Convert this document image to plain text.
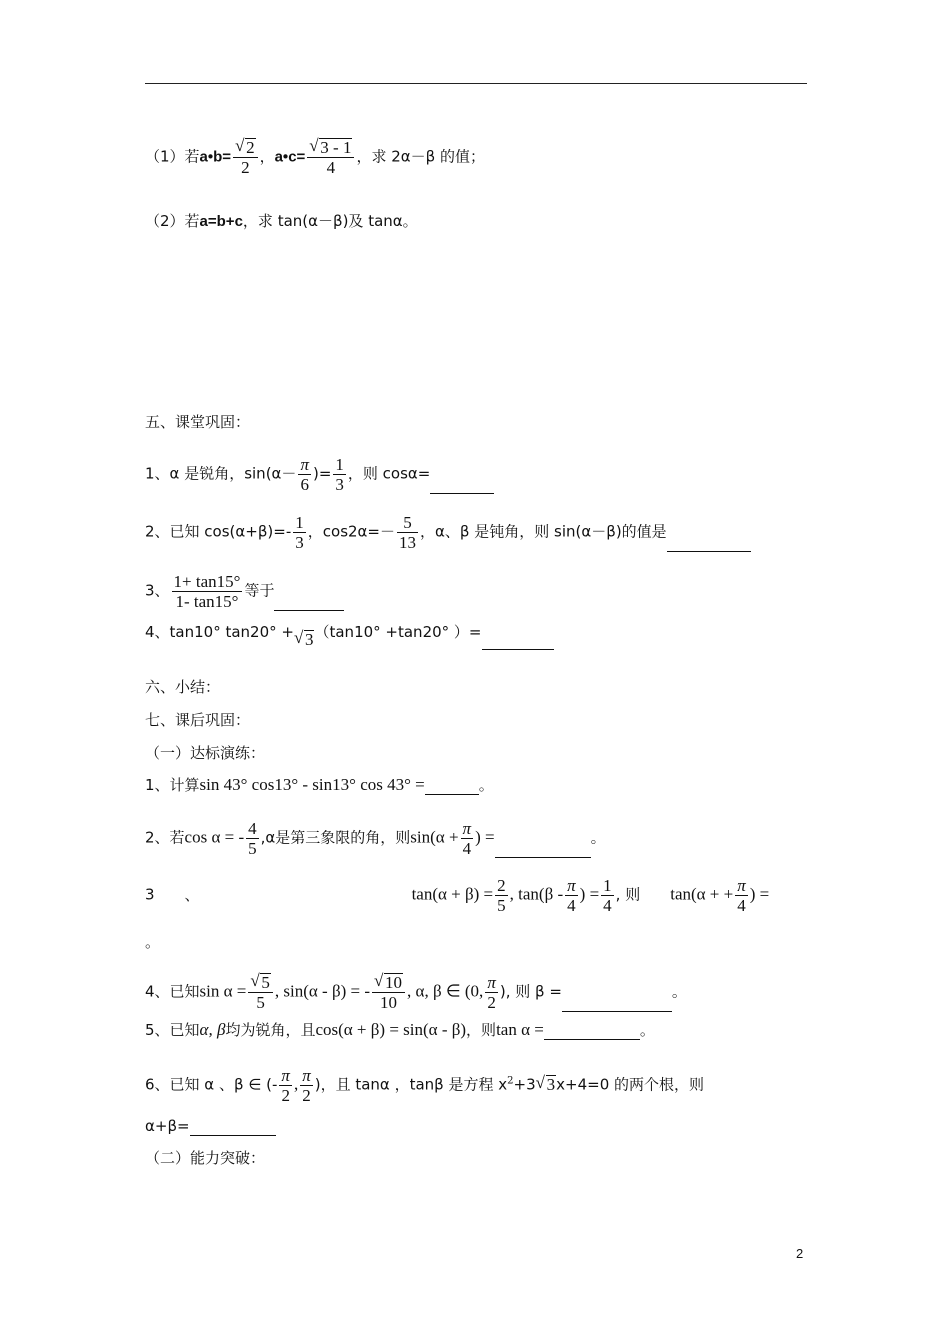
（1）若a•b= $\frac{√ 2}{2}$ ，a•c= $\frac{√ 3 - 1}{4}$ ，求 2α－β 的值；
（2）若a=b+c，求 tan(α－β)及 tanα。
五、课堂巩固：
1、α 是锐角，$\sin(\alpha- \frac{\pi}{6}$ )= $\frac{1}{3}$ ，则 cosα=
2、已知 $\cos(\alpha+\beta)=- \frac{1}{3}$ ，$\cos 2\alpha=- \frac{5}{13}$ ，α、β 是钝角，则 sin(α－β)的值是
3、 $\frac{1+ \tan 15^\circ}{1- \tan 15^\circ}$ 等于
4、tan10° tan20° + √ 3（tan10° +tan20° ）=
六、小结：
七、课后巩固：
（一）达标演练：
1、计算sin 43° cos13° - sin13° cos 43° =	。
2、若cos α = - $\frac{4}{5} ,\alpha$是第三象限的角，则$\sin(\alpha + \frac{\pi}{4}$ ) =	。
3 、	$\tan(\alpha + \beta) = \frac{2}{5}$ , $\tan(\beta - \frac{\pi}{4}$ ) = $\frac{1}{4}$ , 则 tan(α + + $\frac{\pi}{4}$ ) =
。
4、已知$\sin \alpha = \frac{√ 5}{5}$ , sin(α - β) = - $\frac{√ 10}{10}$ , α, β ∈ (0, $\frac{\pi}{2}$ ), 则 β =	。
5、已知α, β均为锐角，且cos(α + β) = sin(α - β)，则tan α =	。
6、已知 α 、β ∈ (- $\frac{\pi}{2}$ , $\frac{\pi}{2}$ )，且 tanα ，tanβ 是方程 $x^2+3$ √ 3x+4=0 的两个根，则
α+β=
（二）能力突破：
2
